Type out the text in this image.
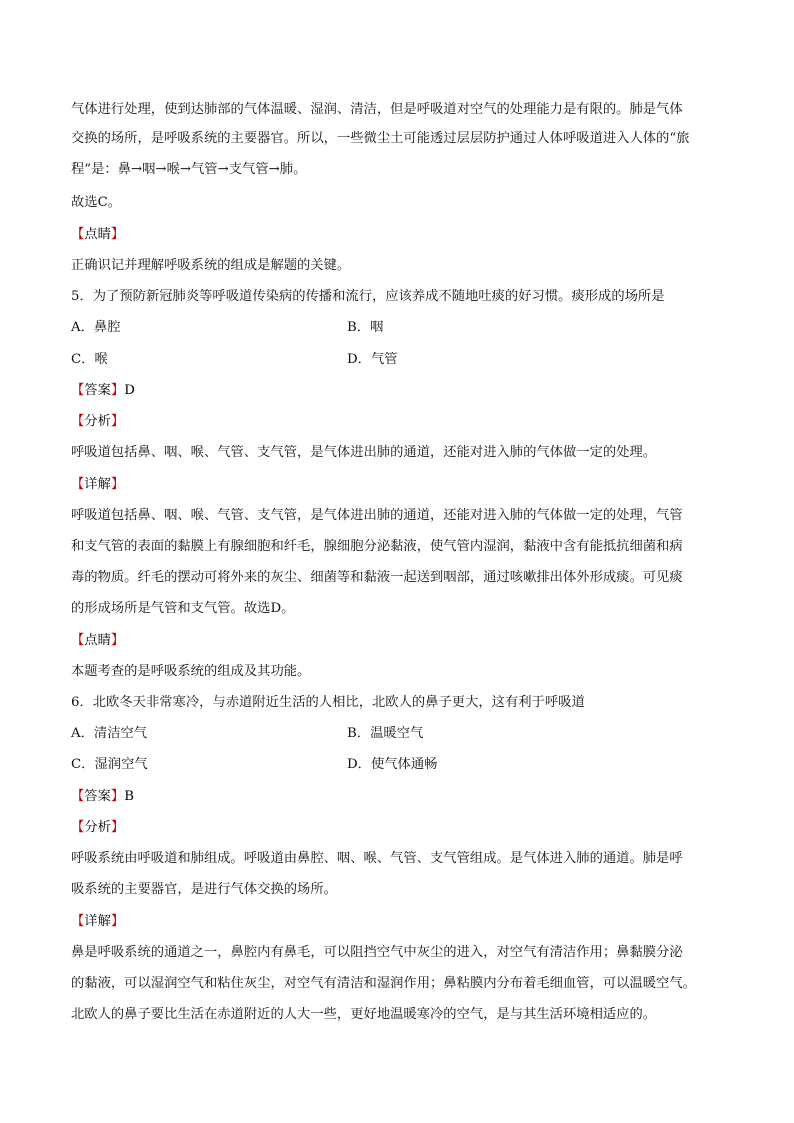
气体进行处理，使到达肺部的气体温暖、湿润、清洁，但是呼吸道对空气的处理能力是有限的。肺是气体
交换的场所，是呼吸系统的主要器官。所以，一些微尘土可能透过层层防护通过人体呼吸道进入人体的“旅
程”是：鼻→咽→喉→气管→支气管→肺。
故选C。
【点睛】
正确识记并理解呼吸系统的组成是解题的关键。
5．为了预防新冠肺炎等呼吸道传染病的传播和流行，应该养成不随地吐痰的好习惯。痰形成的场所是
A．鼻腔	B．咽
C．喉	D．气管
【答案】D
【分析】
呼吸道包括鼻、咽、喉、气管、支气管，是气体进出肺的通道，还能对进入肺的气体做一定的处理。
【详解】
呼吸道包括鼻、咽、喉、气管、支气管，是气体进出肺的通道，还能对进入肺的气体做一定的处理，气管
和支气管的表面的黏膜上有腺细胞和纤毛，腺细胞分泌黏液，使气管内湿润，黏液中含有能抵抗细菌和病
毒的物质。纤毛的摆动可将外来的灰尘、细菌等和黏液一起送到咽部，通过咳嗽排出体外形成痰。可见痰
的形成场所是气管和支气管。故选D。
【点睛】
本题考查的是呼吸系统的组成及其功能。
6．北欧冬天非常寒冷，与赤道附近生活的人相比，北欧人的鼻子更大，这有利于呼吸道
A．清洁空气	B．温暖空气
C．湿润空气	D．使气体通畅
【答案】B
【分析】
呼吸系统由呼吸道和肺组成。呼吸道由鼻腔、咽、喉、气管、支气管组成。是气体进入肺的通道。肺是呼
吸系统的主要器官，是进行气体交换的场所。
【详解】
鼻是呼吸系统的通道之一，鼻腔内有鼻毛，可以阻挡空气中灰尘的进入，对空气有清洁作用；鼻黏膜分泌
的黏液，可以湿润空气和粘住灰尘，对空气有清洁和湿润作用；鼻粘膜内分布着毛细血管，可以温暖空气。
北欧人的鼻子要比生活在赤道附近的人大一些，更好地温暖寒冷的空气，是与其生活环境相适应的。
